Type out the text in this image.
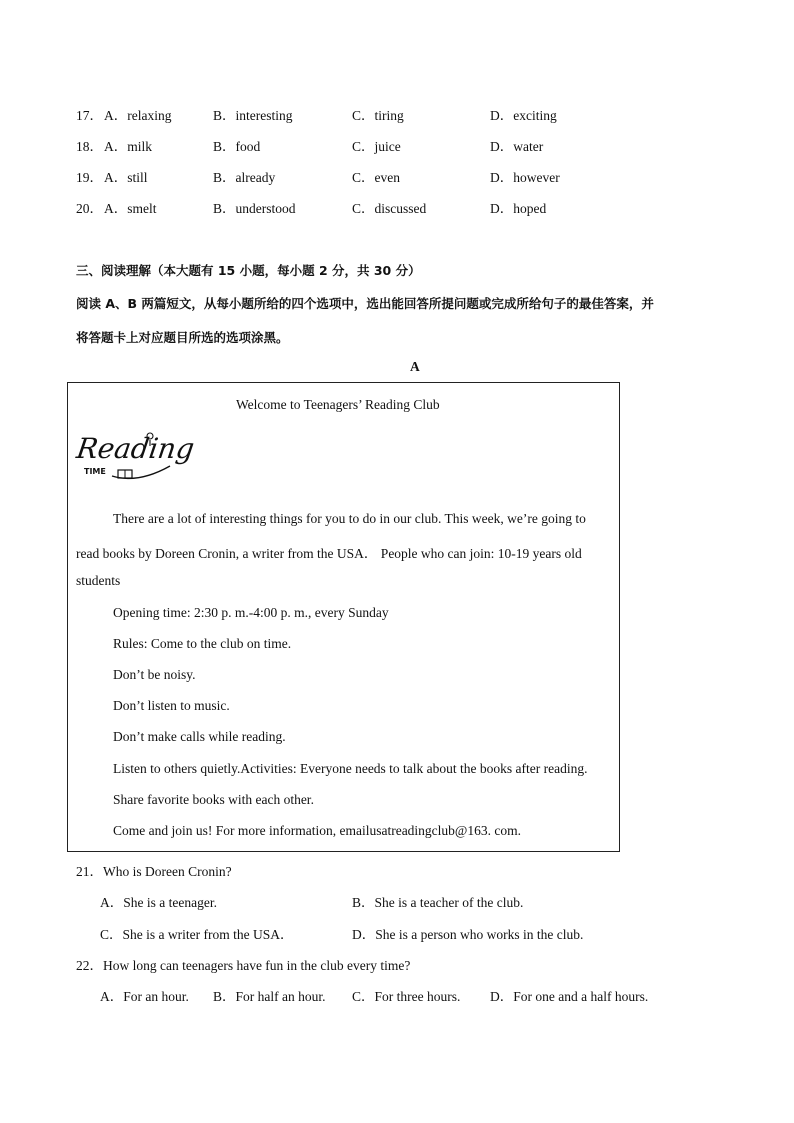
17． A．relaxing	B．interesting	C．tiring	D．exciting
18． A．milk	B．food	C．juice	D．water
19． A．still	B．already	C．even	D．however
20． A．smelt	B．understood	C．discussed	D．hoped
三、阅读理解（本大题有 15 小题，每小题 2 分，共 30 分）
阅读 A、B 两篇短文，从每小题所给的四个选项中，选出能回答所提问题或完成所给句子的最佳答案，并
将答题卡上对应题目所选的选项涂黑。
A
Welcome to Teenagers’ Reading Club
Reading
TIME
There are a lot of interesting things for you to do in our club. This week, we’re going to
read books by Doreen Cronin, a writer from the USA． People who can join: 10-19 years old
students
Opening time: 2:30 p. m.-4:00 p. m., every Sunday
Rules: Come to the club on time.
Don’t be noisy.
Don’t listen to music.
Don’t make calls while reading.
Listen to others quietly.Activities: Everyone needs to talk about the books after reading.
Share favorite books with each other.
Come and join us! For more information, emailusatreadingclub@163. com.
21．Who is Doreen Cronin?
A．She is a teenager.	B．She is a teacher of the club.
C．She is a writer from the USA．	D．She is a person who works in the club.
22．How long can teenagers have fun in the club every time?
A．For an hour. B．For half an hour. C．For three hours. D．For one and a half hours.
